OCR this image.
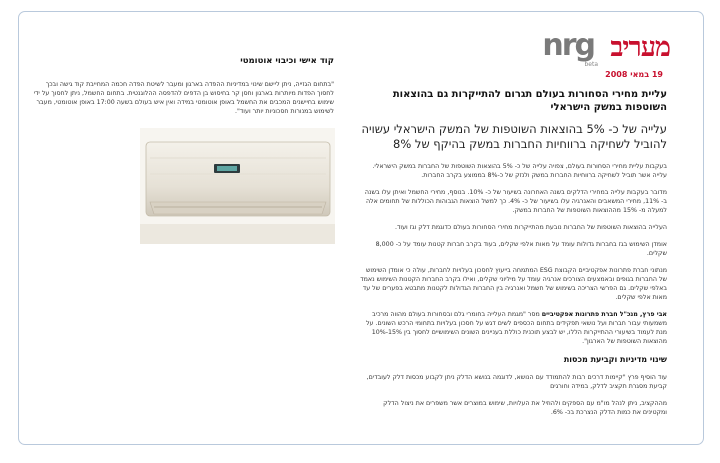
מעריב
nrg
beta
19 במאי 2008
עליית מחירי הסחורות בעולם תגרום להתייקרות גם בהוצאות השוטפות במשק הישראלי
עלייה של כ- 5% בהוצאות השוטפות של המשק הישראלי עשויה להוביל לשחיקה ברווחיות החברות במשק בהיקף של 8%

בעקבות עליית מחירי הסחורות בעולם, צפויה עלייה של כ- 5% בהוצאות השוטפות של החברות במשק הישראלי. עלייה אשר תוביל לשחיקה ברווחיות החברות במשק ולנזק של כ-8% בממוצע בקרב החברות.

מדובר בעקבות עלייה במחירי הדלקים בשנה האחרונה בשיעור של כ- 10%. בנוסף, מחירי החשמל ואיתן עלו בשנה ב- 11%, מחירי המשאבים והאנרגיה עלו בשיעור של כ- 4%. כך למשל הוצאות הגבוהות הכוללות של תחומים אלה למעלה מ- 15% מההוצאות השוטפות של החברות במשק.

העלייה בהוצאות השוטפות של החברות נובעת מהתייקרות מחירי הסחורות בעולם כדוגמת דלק וגז ועוד.

אומדן השימוש בגז בחברות גדולות עומד על מאות אלפי שקלים, בעוד בקרב חברות קטנות עומד על כ- 8,000 שקלים.

מנתוני חברת פתרונות אפקטיביים הקבוצת ESG המתמחה בייעוץ לחסכון בעלויות לחברות, עולה כי אומדן השימוש של החברות בגופים ובאמצעים הצורכים אנרגיה עומד על מיליוני שקלים, ואילו בקרב החברות הקטנות השימוש נאמד באלפי שקלים. גם הפרשי הצריכה בשימוש של חשמל ואנרגיה בין החברות הגדולות לקטנות מתבטא בפערים של עד מאות אלפי שקלים.

אבי פרץ, מנכ"ל חברת פתרונות אפקטיביים מסר "מגמת העלייה בחומרי גלם ובסחורות בעולם מהווה מרכיב משמעותי עבור חברות ועל נושאי תפקידים בתחום הכספים לשים דגש על חסכון בעלויות בתחומי הרכש השונים. על מנת לעמוד בשיעורי ההתייקרות הללו, יש לבצע תוכנית כוללת בעניינים השונים השימושיים לחסוך בין 15%-10% מהוצאות השוטפות של הארגון".

שינוי מדיניות וקביעת מכסות

עוד הוסיף פרץ "קיימות דרכים רבות להתמודד עם הנושא, לדוגמה בנושא הדלק ניתן לקבוע מכסות דלק לעובדים, קביעת מסגרת תקציב לדלק, במידה וחורגים

מההקציב, ניתן לנהל מו"מ עם הספקים ולהוזיל את העלויות, שימוש במוצרים אשר משפרים את ניצול הדלק ומקטינים את כמות הדלק הנצרכת בכ- 6%.

קוד אישי וכיבוי אוטומטי

"בתחום הגזייה, ניתן ליישם שינוי במדיניות ההפדה בארגון ומעבר לשיטת הפדה חכמה המחייבת קוד גישה ובכך לחסוך הפדות מיותרות בארגון וחסן קר בחיסוש בן הדפים להדפסה ההלוגנטית. בתחום החשמל, ניתן לחסוך על ידי שימוש בחיישנים המכבים את החשמל באופן אוטומטי במידה ואין איש בעולם בשעה 17:00 באופן אוטומטי, מעבר לשימוש במנורות חסכוניות יותר ועוד".
